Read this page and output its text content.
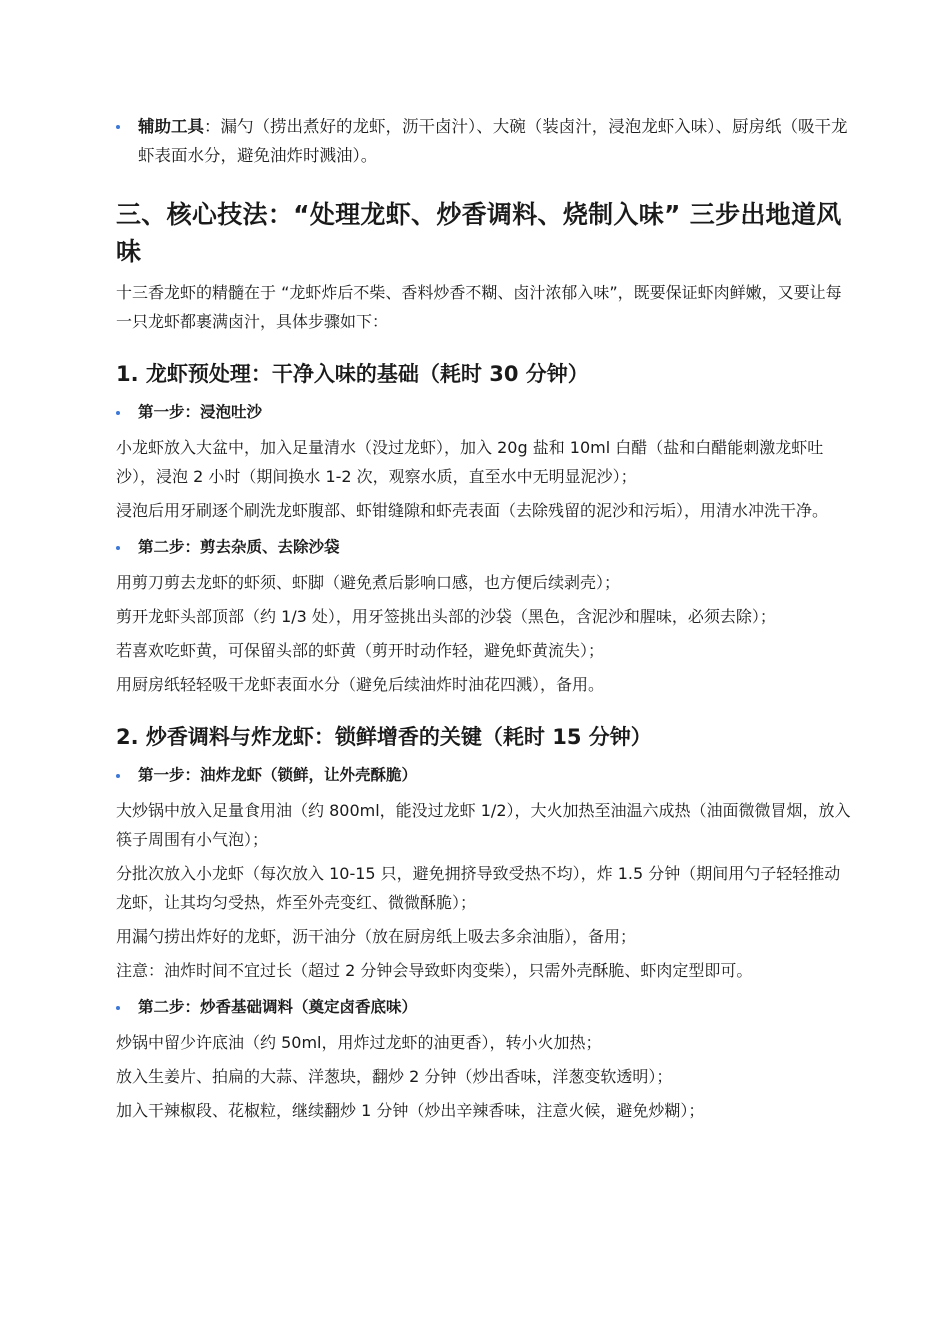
辅助工具：漏勺（捞出煮好的龙虾，沥干卤汁）、大碗（装卤汁，浸泡龙虾入味）、厨房纸（吸干龙虾表面水分，避免油炸时溅油）。
三、核心技法：“处理龙虾、炒香调料、烧制入味” 三步出地道风味
十三香龙虾的精髓在于 “龙虾炸后不柴、香料炒香不糊、卤汁浓郁入味”，既要保证虾肉鲜嫩，又要让每一只龙虾都裹满卤汁，具体步骤如下：
1. 龙虾预处理：干净入味的基础（耗时 30 分钟）
第一步：浸泡吐沙
小龙虾放入大盆中，加入足量清水（没过龙虾），加入 20g 盐和 10ml 白醋（盐和白醋能刺激龙虾吐沙），浸泡 2 小时（期间换水 1-2 次，观察水质，直至水中无明显泥沙）；
浸泡后用牙刷逐个刷洗龙虾腹部、虾钳缝隙和虾壳表面（去除残留的泥沙和污垢），用清水冲洗干净。
第二步：剪去杂质、去除沙袋
用剪刀剪去龙虾的虾须、虾脚（避免煮后影响口感，也方便后续剥壳）；
剪开龙虾头部顶部（约 1/3 处），用牙签挑出头部的沙袋（黑色，含泥沙和腥味，必须去除）；
若喜欢吃虾黄，可保留头部的虾黄（剪开时动作轻，避免虾黄流失）；
用厨房纸轻轻吸干龙虾表面水分（避免后续油炸时油花四溅），备用。
2. 炒香调料与炸龙虾：锁鲜增香的关键（耗时 15 分钟）
第一步：油炸龙虾（锁鲜，让外壳酥脆）
大炒锅中放入足量食用油（约 800ml，能没过龙虾 1/2），大火加热至油温六成热（油面微微冒烟，放入筷子周围有小气泡）；
分批次放入小龙虾（每次放入 10-15 只，避免拥挤导致受热不均），炸 1.5 分钟（期间用勺子轻轻推动龙虾，让其均匀受热，炸至外壳变红、微微酥脆）；
用漏勺捞出炸好的龙虾，沥干油分（放在厨房纸上吸去多余油脂），备用；
注意：油炸时间不宜过长（超过 2 分钟会导致虾肉变柴），只需外壳酥脆、虾肉定型即可。
第二步：炒香基础调料（奠定卤香底味）
炒锅中留少许底油（约 50ml，用炸过龙虾的油更香），转小火加热；
放入生姜片、拍扁的大蒜、洋葱块，翻炒 2 分钟（炒出香味，洋葱变软透明）；
加入干辣椒段、花椒粒，继续翻炒 1 分钟（炒出辛辣香味，注意火候，避免炒糊）；
